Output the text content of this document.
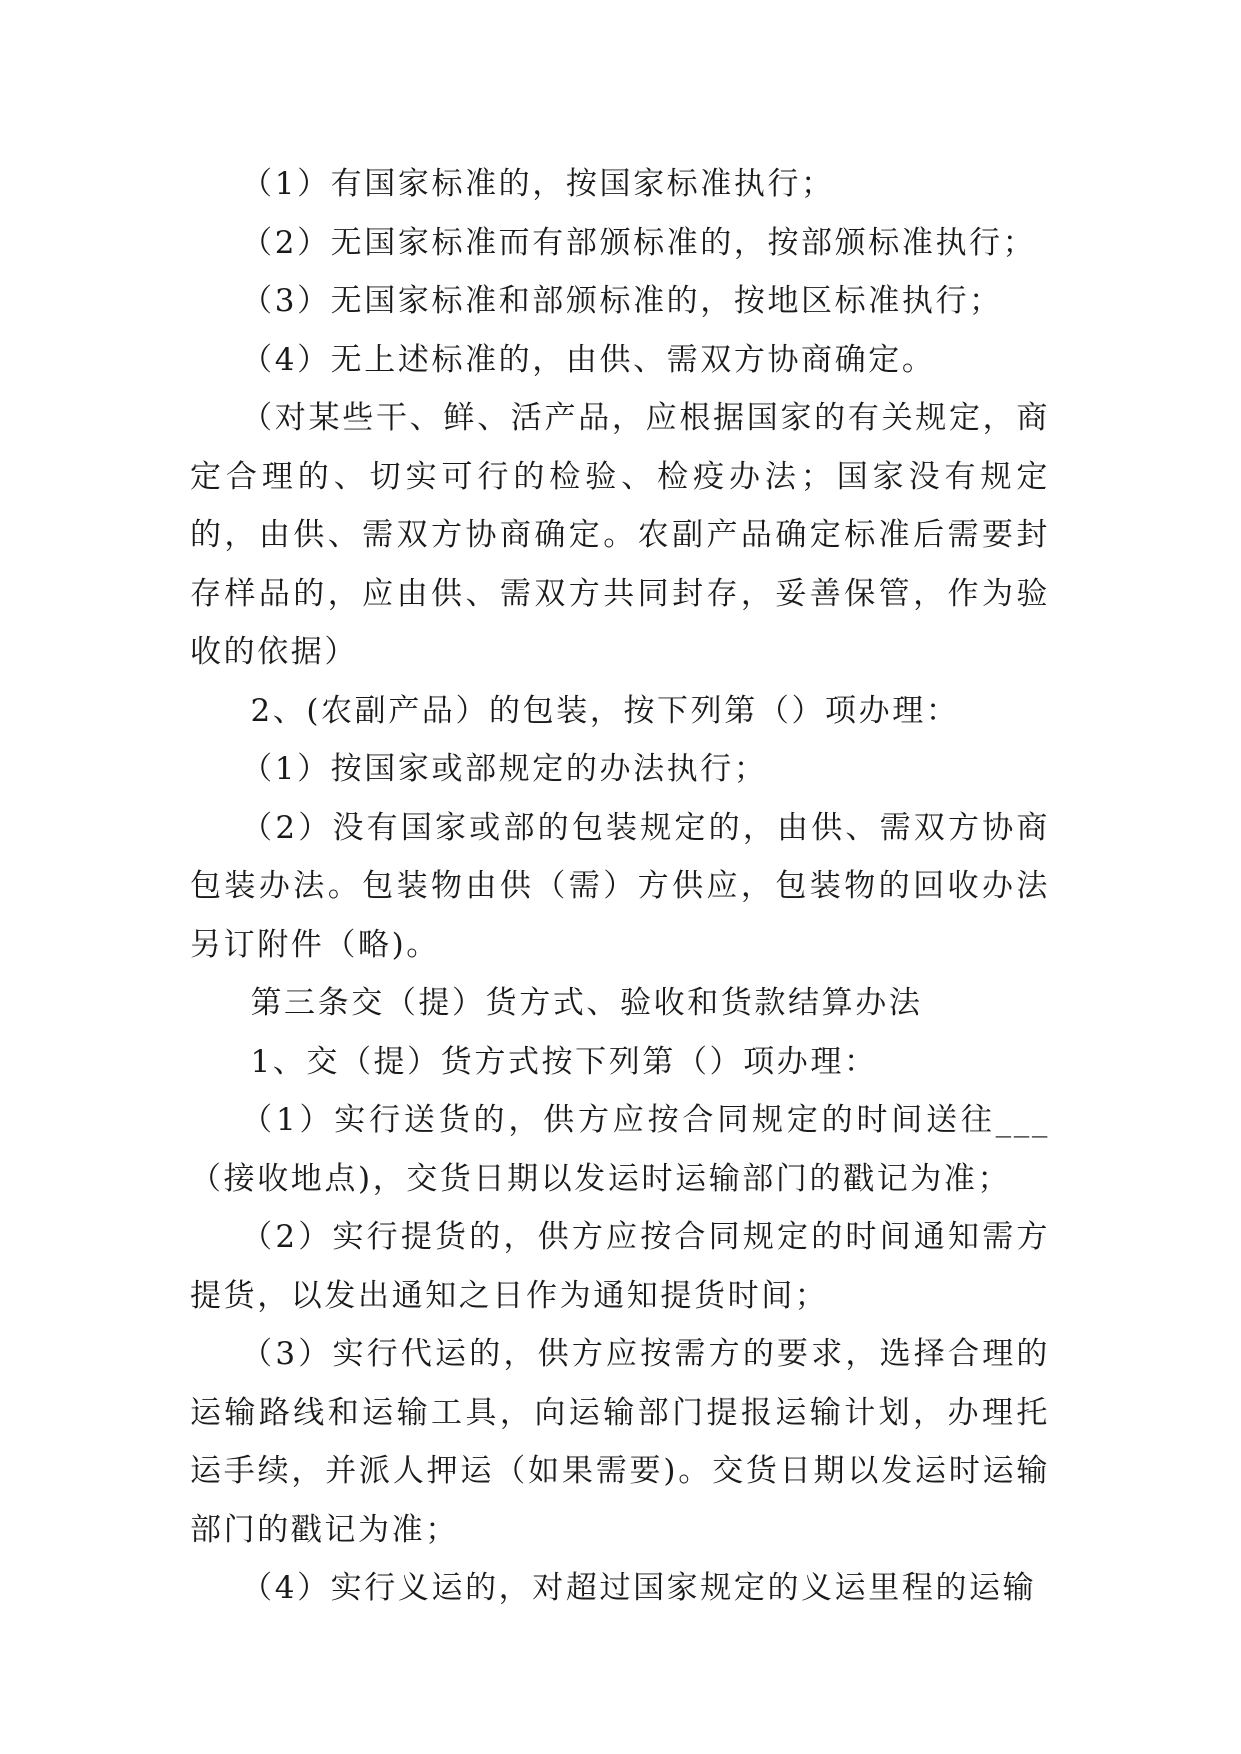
（1）有国家标准的，按国家标准执行；

（2）无国家标准而有部颁标准的，按部颁标准执行；

（3）无国家标准和部颁标准的，按地区标准执行；

（4）无上述标准的，由供、需双方协商确定。

（对某些干、鲜、活产品，应根据国家的有关规定，商定合理的、切实可行的检验、检疫办法；国家没有规定的，由供、需双方协商确定。农副产品确定标准后需要封存样品的，应由供、需双方共同封存，妥善保管，作为验收的依据）

2、(农副产品）的包装，按下列第（）项办理：

（1）按国家或部规定的办法执行；

（2）没有国家或部的包装规定的，由供、需双方协商包装办法。包装物由供（需）方供应，包装物的回收办法另订附件（略)。

第三条交（提）货方式、验收和货款结算办法

1、交（提）货方式按下列第（）项办理：

（1）实行送货的，供方应按合同规定的时间送往___（接收地点)，交货日期以发运时运输部门的戳记为准；

（2）实行提货的，供方应按合同规定的时间通知需方提货，以发出通知之日作为通知提货时间；

（3）实行代运的，供方应按需方的要求，选择合理的运输路线和运输工具，向运输部门提报运输计划，办理托运手续，并派人押运（如果需要)。交货日期以发运时运输部门的戳记为准；

（4）实行义运的，对超过国家规定的义运里程的运输
